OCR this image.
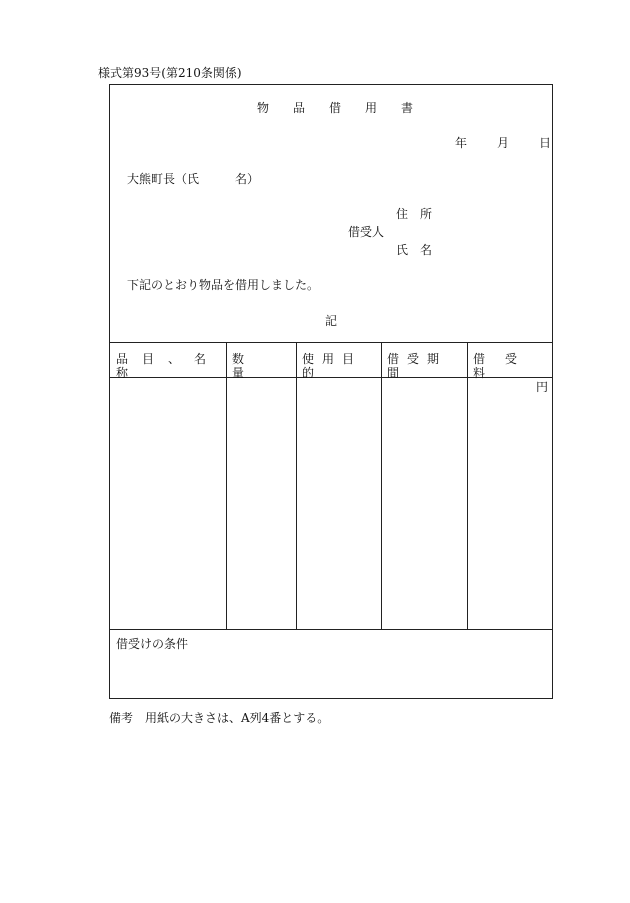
様式第93号(第210条関係)
物　品　借　用　書
年　　月　　日
大熊町長（氏　　　名）
住　所
借受人
氏　名
下記のとおり物品を借用しました。
記
品目、名称
数量
使用目的
借受期間
借受料
円
借受けの条件
備考　用紙の大きさは、A列4番とする。
